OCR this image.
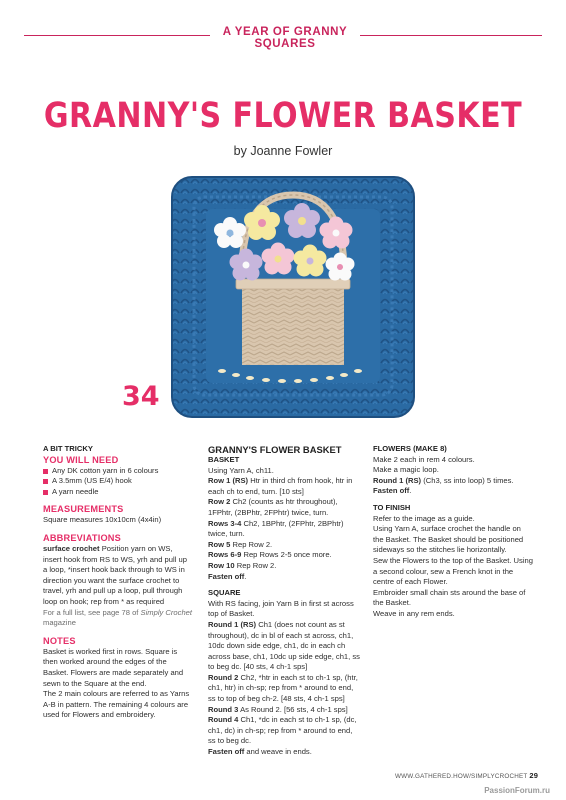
A YEAR OF GRANNY SQUARES
GRANNY'S FLOWER BASKET
by Joanne Fowler
34
A BIT TRICKY
YOU WILL NEED
Any DK cotton yarn in 6 colours
A 3.5mm (US E/4) hook
A yarn needle
MEASUREMENTS
Square measures 10x10cm (4x4in)
ABBREVIATIONS
surface crochet Position yarn on WS, insert hook from RS to WS, yrh and pull up a loop, *insert hook back through to WS in direction you want the surface crochet to travel, yrh and pull up a loop, pull through loop on hook; rep from * as required
For a full list, see page 78 of Simply Crochet magazine
NOTES
Basket is worked first in rows. Square is then worked around the edges of the Basket. Flowers are made separately and sewn to the Square at the end.
The 2 main colours are referred to as Yarns A-B in pattern. The remaining 4 colours are used for Flowers and embroidery.
GRANNY'S FLOWER BASKET
BASKET
Using Yarn A, ch11.
Row 1 (RS) Htr in third ch from hook, htr in each ch to end, turn. [10 sts]
Row 2 Ch2 (counts as htr throughout), 1FPhtr, (2BPhtr, 2FPhtr) twice, turn.
Rows 3-4 Ch2, 1BPhtr, (2FPhtr, 2BPhtr) twice, turn.
Row 5 Rep Row 2.
Rows 6-9 Rep Rows 2-5 once more.
Row 10 Rep Row 2.
Fasten off.
SQUARE
With RS facing, join Yarn B in first st across top of Basket.
Round 1 (RS) Ch1 (does not count as st throughout), dc in bl of each st across, ch1, 10dc down side edge, ch1, dc in each ch across base, ch1, 10dc up side edge, ch1, ss to beg dc. [40 sts, 4 ch-1 sps]
Round 2 Ch2, *htr in each st to ch-1 sp, (htr, ch1, htr) in ch-sp; rep from * around to end, ss to top of beg ch-2. [48 sts, 4 ch-1 sps]
Round 3 As Round 2. [56 sts, 4 ch-1 sps]
Round 4 Ch1, *dc in each st to ch-1 sp, (dc, ch1, dc) in ch-sp; rep from * around to end, ss to beg dc.
Fasten off and weave in ends.
FLOWERS (MAKE 8)
Make 2 each in rem 4 colours.
Make a magic loop.
Round 1 (RS) (Ch3, ss into loop) 5 times.
Fasten off.
TO FINISH
Refer to the image as a guide.
Using Yarn A, surface crochet the handle on the Basket. The Basket should be positioned sideways so the stitches lie horizontally.
Sew the Flowers to the top of the Basket. Using a second colour, sew a French knot in the centre of each Flower.
Embroider small chain sts around the base of the Basket.
Weave in any rem ends.
WWW.GATHERED.HOW/SIMPLYCROCHET 29
PassionForum.ru
